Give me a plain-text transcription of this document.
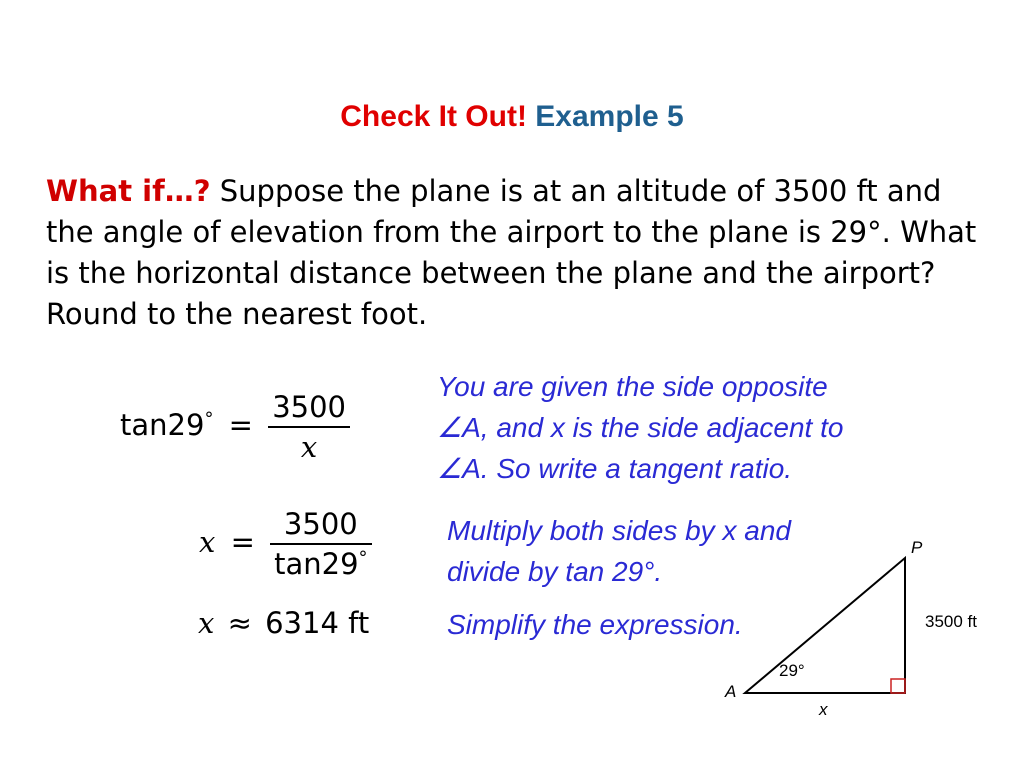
Check It Out! Example 5
What if…? Suppose the plane is at an altitude of 3500 ft and the angle of elevation from the airport to the plane is 29°. What is the horizontal distance between the plane and the airport? Round to the nearest foot.
$\tan 29^\circ = \frac{3500}{x}$
You are given the side opposite
∠A, and x is the side adjacent to
∠A. So write a tangent ratio.
$x = \frac{3500}{\tan 29^\circ}$	Multiply both sides by x and
divide by tan 29°.
x ≈ 6314 ft	Simplify the expression.
A
P
x
3500 ft
29°
